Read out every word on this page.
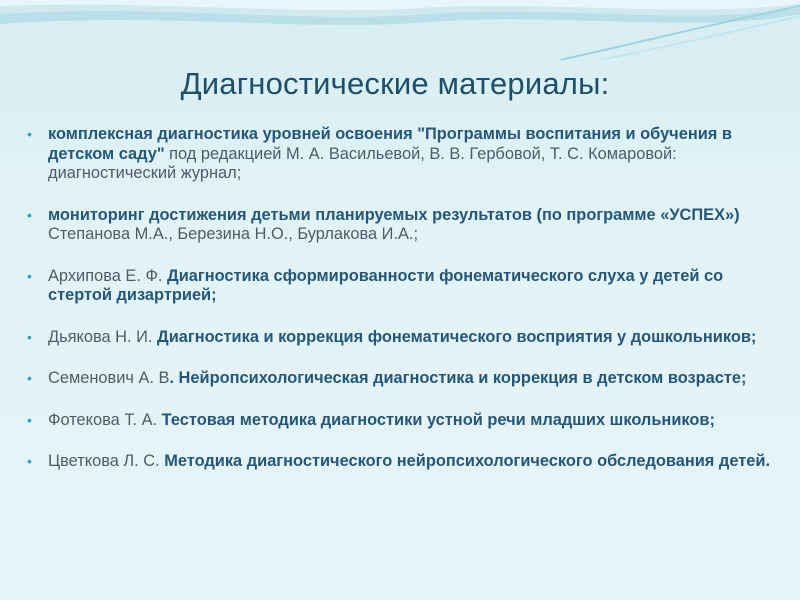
Диагностические материалы:
• комплексная диагностика уровней освоения "Программы воспитания и обучения в детском саду" под редакцией М. А. Васильевой, В. В. Гербовой, Т. С. Комаровой: диагностический журнал;
• мониторинг достижения детьми планируемых результатов (по программе «УСПЕХ») Степанова М.А., Березина Н.О., Бурлакова И.А.;
• Архипова Е. Ф. Диагностика сформированности фонематического слуха у детей со стертой дизартрией;
• Дьякова Н. И. Диагностика и коррекция фонематического восприятия у дошкольников;
• Семенович А. В. Нейропсихологическая диагностика и коррекция в детском возрасте;
• Фотекова Т. А. Тестовая методика диагностики устной речи младших школьников;
• Цветкова Л. С. Методика диагностического нейропсихологического обследования детей.
